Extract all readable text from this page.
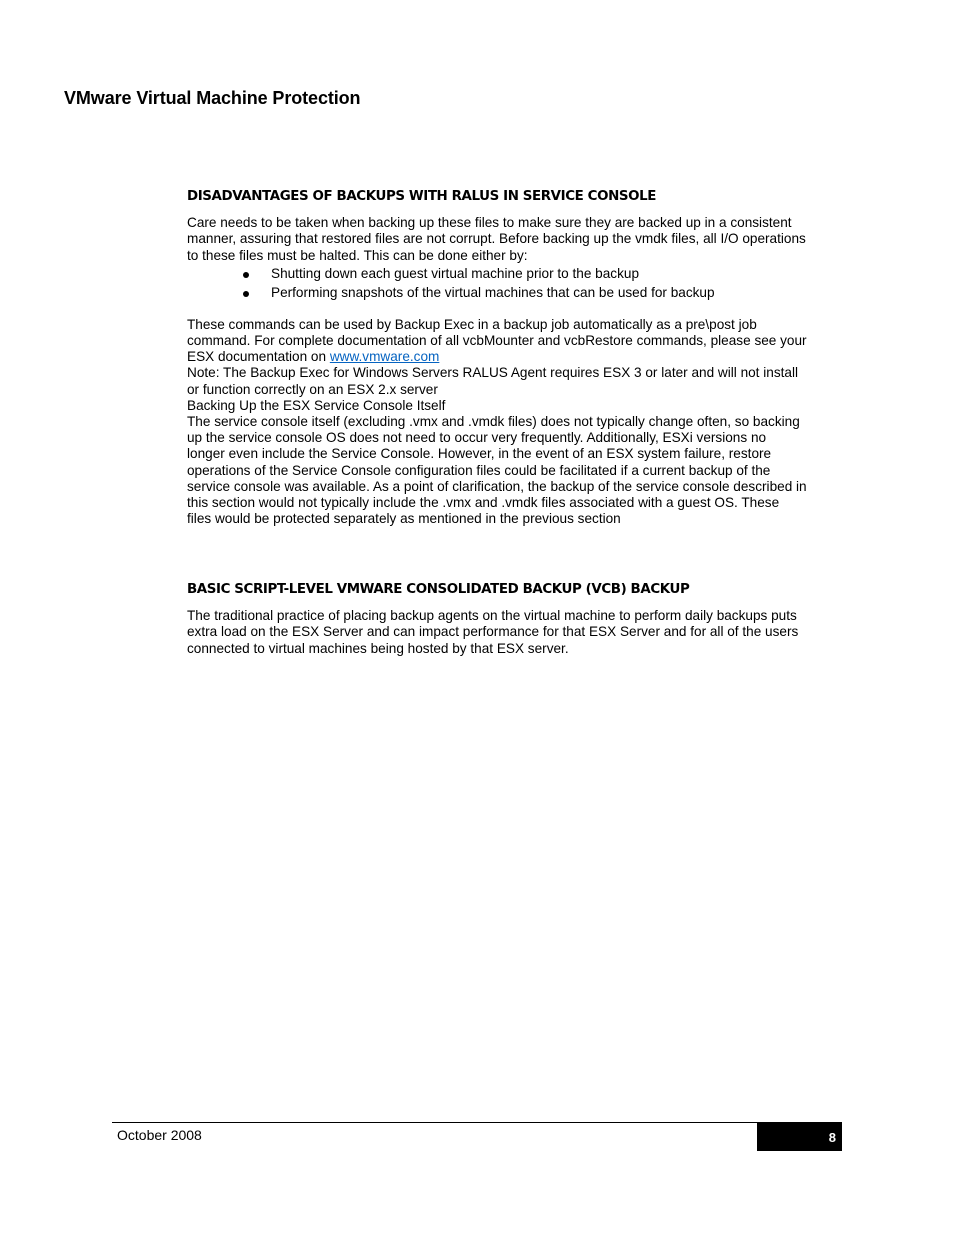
VMware Virtual Machine Protection
DISADVANTAGES OF BACKUPS WITH RALUS IN SERVICE CONSOLE

Care needs to be taken when backing up these files to make sure they are backed up in a consistent manner, assuring that restored files are not corrupt. Before backing up the vmdk files, all I/O operations to these files must be halted. This can be done either by:

Shutting down each guest virtual machine prior to the backup
Performing snapshots of the virtual machines that can be used for backup

These commands can be used by Backup Exec in a backup job automatically as a pre\post job command. For complete documentation of all vcbMounter and vcbRestore commands, please see your ESX documentation on www.vmware.com

Note: The Backup Exec for Windows Servers RALUS Agent requires ESX 3 or later and will not install or function correctly on an ESX 2.x server

Backing Up the ESX Service Console Itself

The service console itself (excluding .vmx and .vmdk files) does not typically change often, so backing up the service console OS does not need to occur very frequently. Additionally, ESXi versions no longer even include the Service Console. However, in the event of an ESX system failure, restore operations of the Service Console configuration files could be facilitated if a current backup of the service console was available. As a point of clarification, the backup of the service console described in this section would not typically include the .vmx and .vmdk files associated with a guest OS. These files would be protected separately as mentioned in the previous section

BASIC SCRIPT-LEVEL VMWARE CONSOLIDATED BACKUP (VCB) BACKUP

The traditional practice of placing backup agents on the virtual machine to perform daily backups puts extra load on the ESX Server and can impact performance for that ESX Server and for all of the users connected to virtual machines being hosted by that ESX server.

October 2008	8
